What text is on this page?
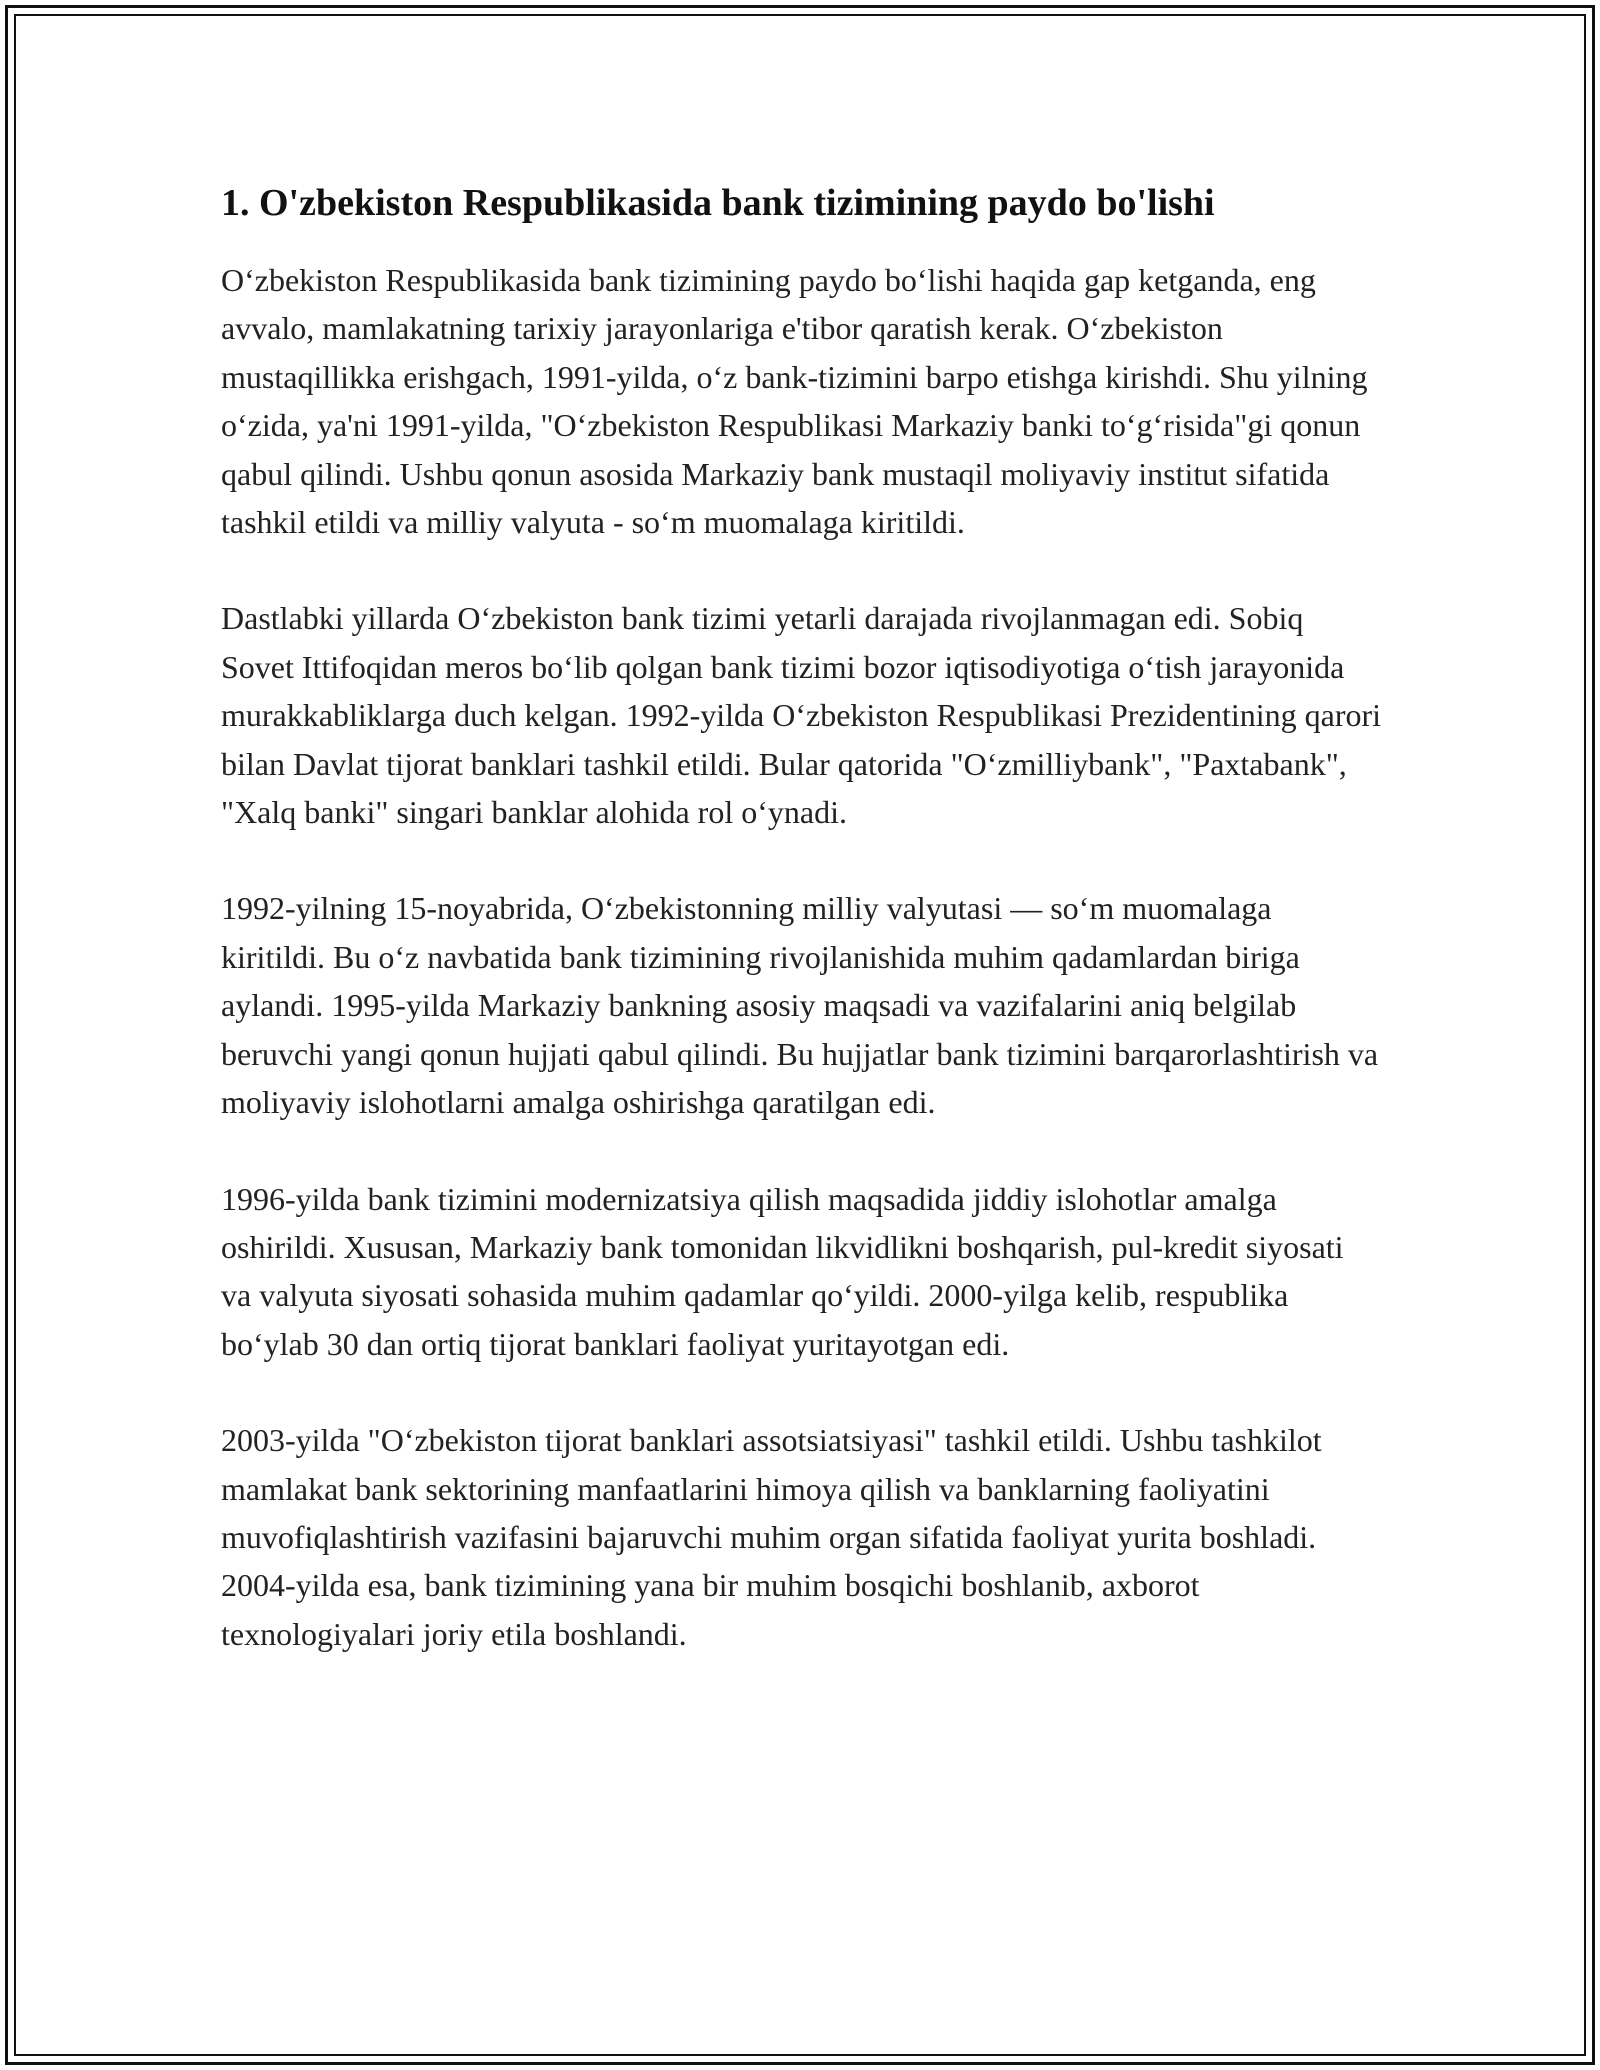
1. O'zbekiston Respublikasida bank tizimining paydo bo'lishi

O‘zbekiston Respublikasida bank tizimining paydo bo‘lishi haqida gap ketganda, eng avvalo, mamlakatning tarixiy jarayonlariga e'tibor qaratish kerak. O‘zbekiston mustaqillikka erishgach, 1991-yilda, o‘z bank-tizimini barpo etishga kirishdi. Shu yilning o‘zida, ya'ni 1991-yilda, "O‘zbekiston Respublikasi Markaziy banki to‘g‘risida"gi qonun qabul qilindi. Ushbu qonun asosida Markaziy bank mustaqil moliyaviy institut sifatida tashkil etildi va milliy valyuta - so‘m muomalaga kiritildi.

Dastlabki yillarda O‘zbekiston bank tizimi yetarli darajada rivojlanmagan edi. Sobiq Sovet Ittifoqidan meros bo‘lib qolgan bank tizimi bozor iqtisodiyotiga o‘tish jarayonida murakkabliklarga duch kelgan. 1992-yilda O‘zbekiston Respublikasi Prezidentining qarori bilan Davlat tijorat banklari tashkil etildi. Bular qatorida "O‘zmilliybank", "Paxtabank", "Xalq banki" singari banklar alohida rol o‘ynadi.

1992-yilning 15-noyabrida, O‘zbekistonning milliy valyutasi — so‘m muomalaga kiritildi. Bu o‘z navbatida bank tizimining rivojlanishida muhim qadamlardan biriga aylandi. 1995-yilda Markaziy bankning asosiy maqsadi va vazifalarini aniq belgilab beruvchi yangi qonun hujjati qabul qilindi. Bu hujjatlar bank tizimini barqarorlashtirish va moliyaviy islohotlarni amalga oshirishga qaratilgan edi.

1996-yilda bank tizimini modernizatsiya qilish maqsadida jiddiy islohotlar amalga oshirildi. Xususan, Markaziy bank tomonidan likvidlikni boshqarish, pul-kredit siyosati va valyuta siyosati sohasida muhim qadamlar qo‘yildi. 2000-yilga kelib, respublika bo‘ylab 30 dan ortiq tijorat banklari faoliyat yuritayotgan edi.

2003-yilda "O‘zbekiston tijorat banklari assotsiatsiyasi" tashkil etildi. Ushbu tashkilot mamlakat bank sektorining manfaatlarini himoya qilish va banklarning faoliyatini muvofiqlashtirish vazifasini bajaruvchi muhim organ sifatida faoliyat yurita boshladi. 2004-yilda esa, bank tizimining yana bir muhim bosqichi boshlanib, axborot texnologiyalari joriy etila boshlandi.
